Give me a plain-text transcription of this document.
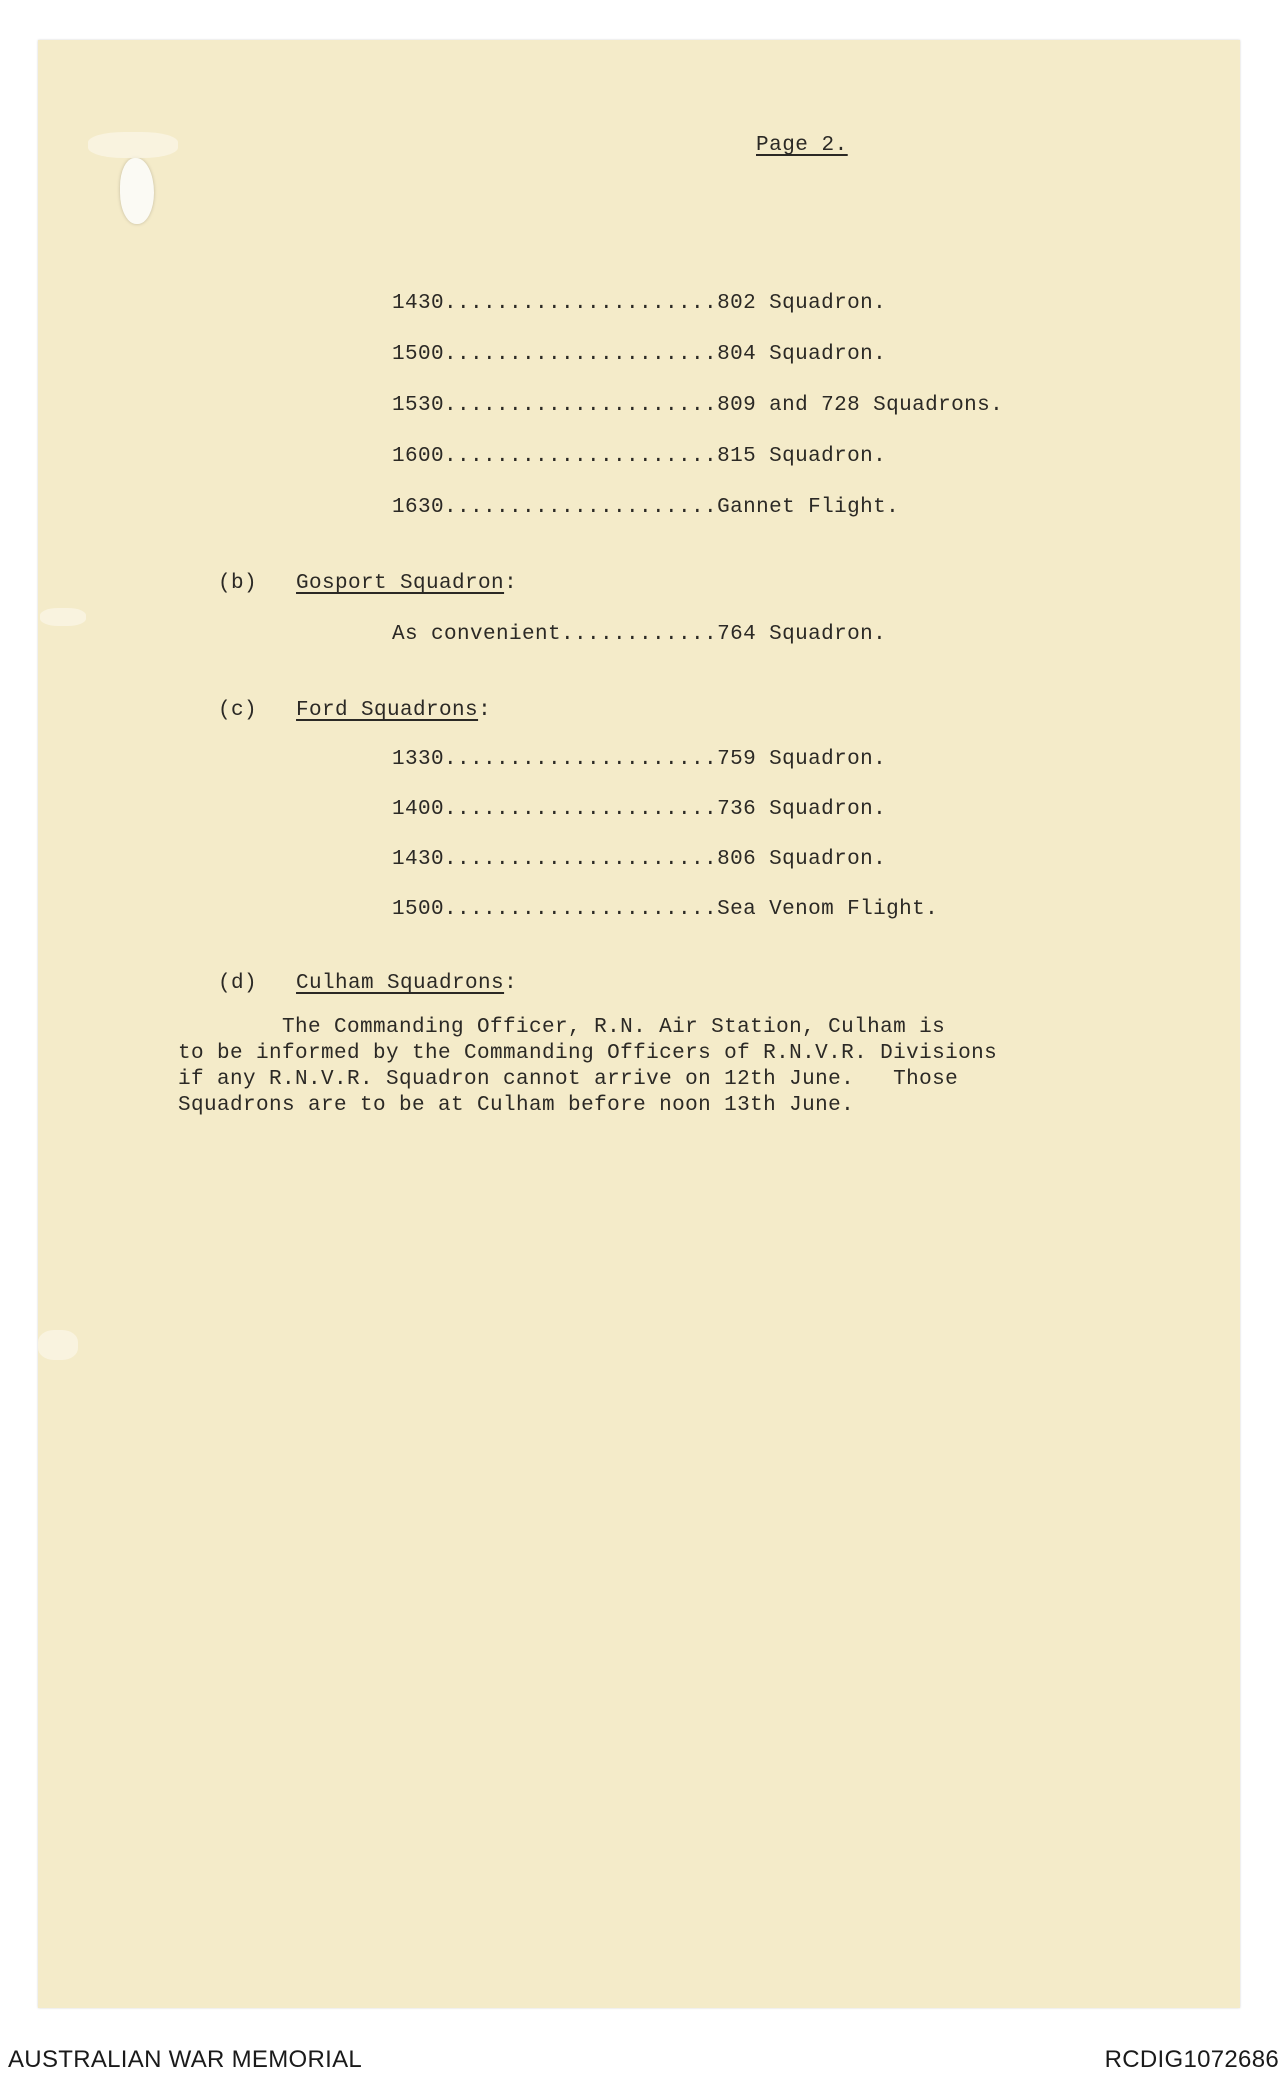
Page 2.
1430.....................802 Squadron.
1500.....................804 Squadron.
1530.....................809 and 728 Squadrons.
1600.....................815 Squadron.
1630.....................Gannet Flight.
(b) Gosport Squadron:
As convenient............764 Squadron.
(c) Ford Squadrons:
1330.....................759 Squadron.
1400.....................736 Squadron.
1430.....................806 Squadron.
1500.....................Sea Venom Flight.
(d) Culham Squadrons:
The Commanding Officer, R.N. Air Station, Culham is
to be informed by the Commanding Officers of R.N.V.R. Divisions
if any R.N.V.R. Squadron cannot arrive on 12th June.   Those
Squadrons are to be at Culham before noon 13th June.
AUSTRALIAN WAR MEMORIAL	RCDIG1072686
